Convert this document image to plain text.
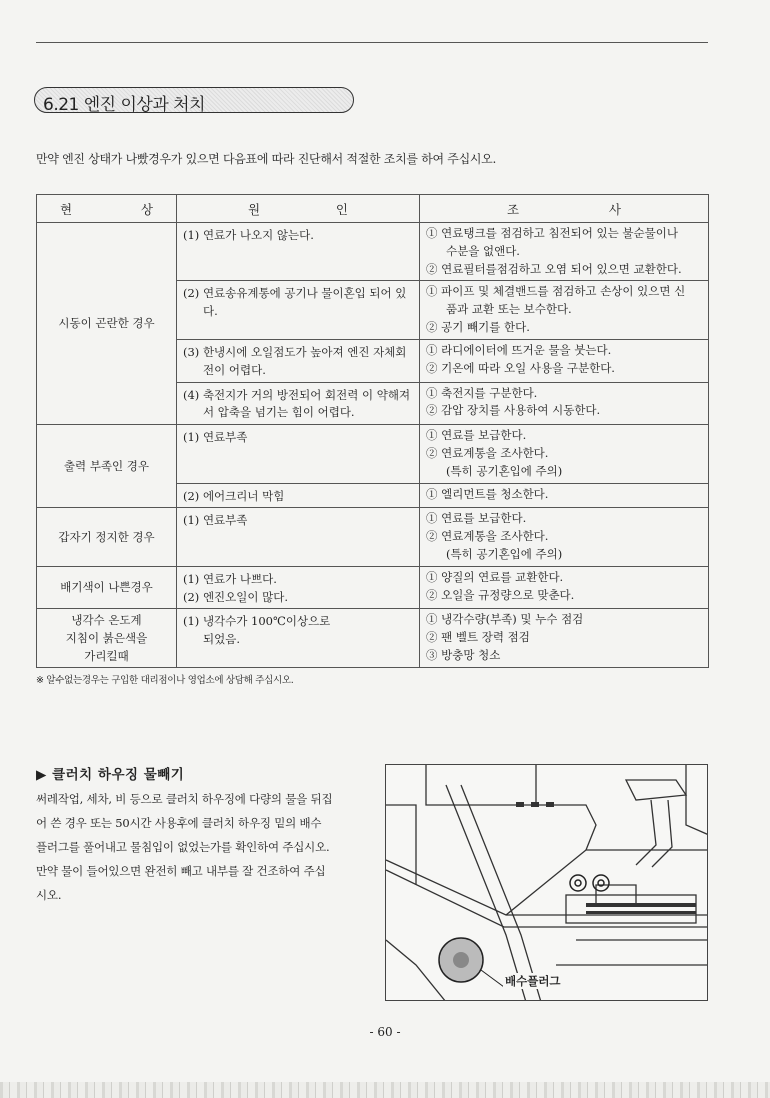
6.21 엔진 이상과 처치
만약 엔진 상태가 나빴경우가 있으면 다음표에 따라 진단해서 적절한 조치를 하여 주십시오.
현 상	원 인	조 사

시동이 곤란한 경우	(1) 연료가 나오지 않는다.	① 연료탱크를 점검하고 침전되어 있는 불순물이나
수분을 없앤다.
② 연료필터를점검하고 오염 되어 있으면 교환한다.

	(2) 연료송유계통에 공기나 물이혼입 되어 있
다.	① 파이프 및 체결밴드를 점검하고 손상이 있으면 신
품과 교환 또는 보수한다.
② 공기 빼기를 한다.

	(3) 한냉시에 오일점도가 높아져 엔진 자체회
전이 어렵다.	① 라디에이터에 뜨거운 물을 붓는다.
② 기온에 따라 오일 사용을 구분한다.

	(4) 축전지가 거의 방전되어 회전력 이 약해져
서 압축을 넘기는 힘이 어렵다.	① 축전지를 구분한다.
② 감압 장치를 사용하여 시동한다.

출력 부족인 경우	(1) 연료부족	① 연료를 보급한다.
② 연료계통을 조사한다.
(특히 공기혼입에 주의)

	(2) 에어크리너 막힘	① 엘리먼트를 청소한다.

갑자기 정지한 경우	(1) 연료부족	① 연료를 보급한다.
② 연료계통을 조사한다.
(특히 공기혼입에 주의)

배기색이 나쁜경우	(1) 연료가 나쁘다.
(2) 엔진오일이 많다.	① 양질의 연료를 교환한다.
② 오일을 규정량으로 맞춘다.

냉각수 온도계
지침이 붉은색을
가리킬때	(1) 냉각수가 100℃이상으로
되었음.	① 냉각수량(부족) 및 누수 점검
② 팬 벨트 장력 점검
③ 방충망 청소
※ 알수없는경우는 구입한 대리점이나 영업소에 상담해 주십시오.
▶ 클러치 하우징 물빼기
써레작업, 세차, 비 등으로 클러치 하우징에 다량의 물을 뒤집
어 쓴 경우 또는 50시간 사용후에 클러치 하우징 밑의 배수
플러그를 풀어내고 물침입이 없었는가를 확인하여 주십시오.
만약 물이 들어있으면 완전히 빼고 내부를 잘 건조하여 주십
시오.
배수플러그
- 60 -
